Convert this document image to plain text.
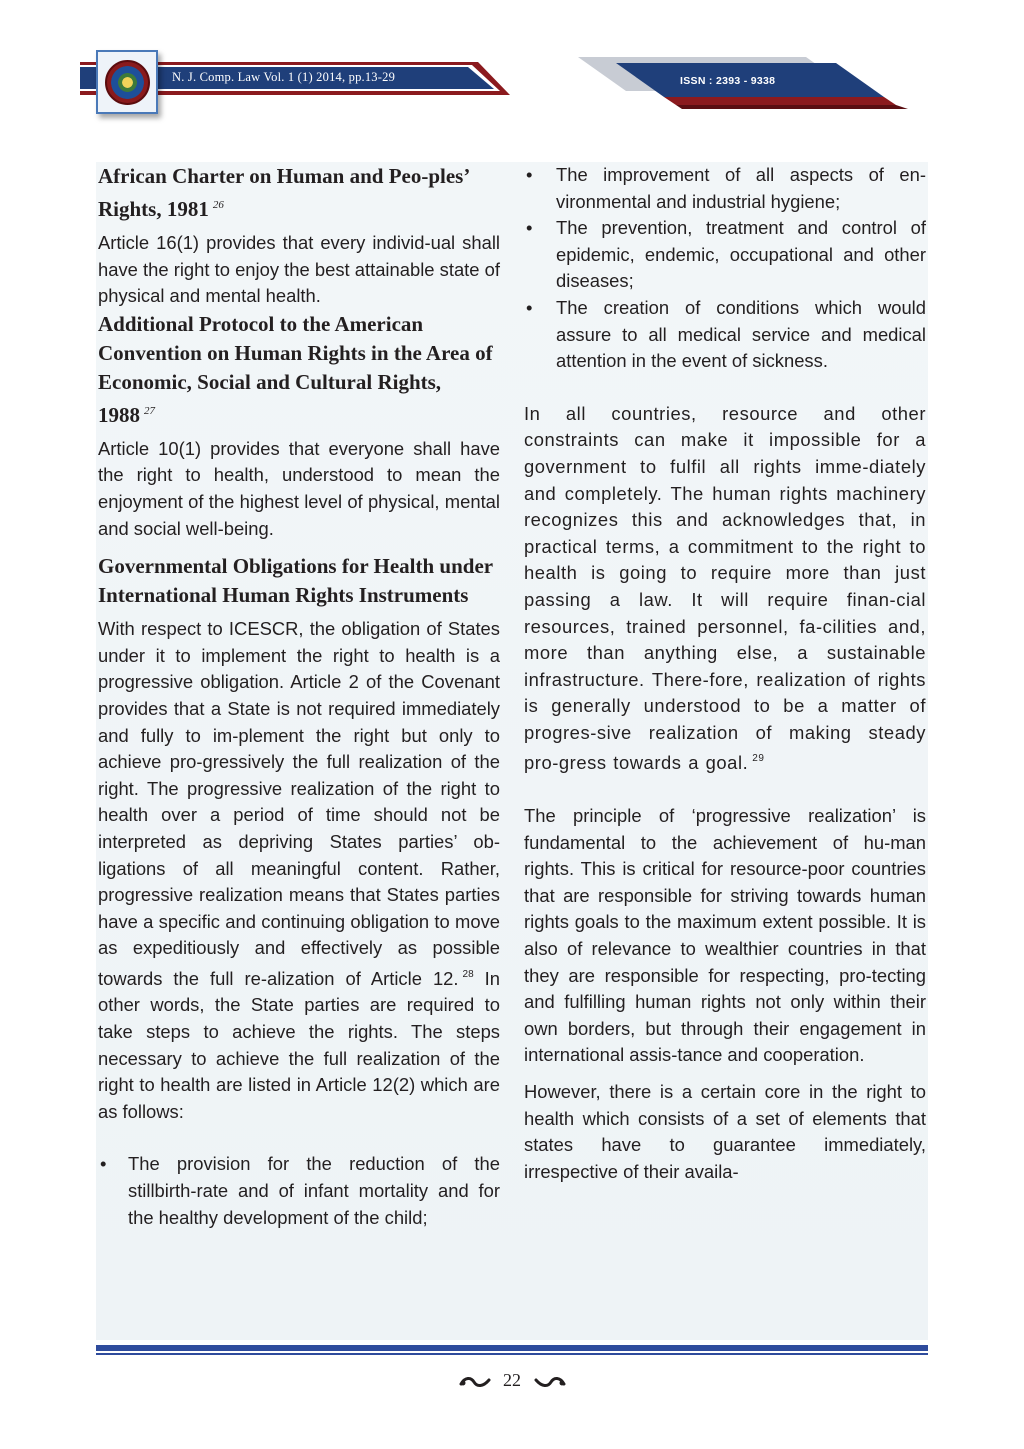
N. J. Comp. Law Vol. 1 (1) 2014, pp.13-29	ISSN : 2393 - 9338
African Charter on Human and Peo-ples’ Rights, 1981 $^{26}$

Article 16(1) provides that every individ-ual shall have the right to enjoy the best attainable state of physical and mental health.

Additional Protocol to the American Convention on Human Rights in the Area of Economic, Social and Cultural Rights, 1988 $^{27}$

Article 10(1) provides that everyone shall have the right to health, understood to mean the enjoyment of the highest level of physical, mental and social well-being.

Governmental Obligations for Health under International Human Rights Instruments

With respect to ICESCR, the obligation of States under it to implement the right to health is a progressive obligation. Article 2 of the Covenant provides that a State is not required immediately and fully to im-plement the right but only to achieve pro-gressively the full realization of the right. The progressive realization of the right to health over a period of time should not be interpreted as depriving States parties’ ob-ligations of all meaningful content. Rather, progressive realization means that States parties have a specific and continuing obligation to move as expeditiously and effectively as possible towards the full re-alization of Article 12. $^{28}$ In other words, the State parties are required to take steps to achieve the rights. The steps necessary to achieve the full realization of the right to health are listed in Article 12(2) which are as follows:

• The provision for the reduction of the stillbirth-rate and of infant mortality and for the healthy development of the child;
• The improvement of all aspects of en-vironmental and industrial hygiene;
• The prevention, treatment and control of epidemic, endemic, occupational and other diseases;
• The creation of conditions which would assure to all medical service and medical attention in the event of sickness.

In all countries, resource and other constraints can make it impossible for a government to fulfil all rights imme-diately and completely. The human rights machinery recognizes this and acknowledges that, in practical terms, a commitment to the right to health is going to require more than just passing a law. It will require finan-cial resources, trained personnel, fa-cilities and, more than anything else, a sustainable infrastructure. There-fore, realization of rights is generally understood to be a matter of progres-sive realization of making steady pro-gress towards a goal. $^{29}$

The principle of ‘progressive realization’ is fundamental to the achievement of hu-man rights. This is critical for resource-poor countries that are responsible for striving towards human rights goals to the maximum extent possible. It is also of relevance to wealthier countries in that they are responsible for respecting, pro-tecting and fulfilling human rights not only within their own borders, but through their engagement in international assis-tance and cooperation.

However, there is a certain core in the right to health which consists of a set of elements that states have to guarantee immediately, irrespective of their availa-

22
